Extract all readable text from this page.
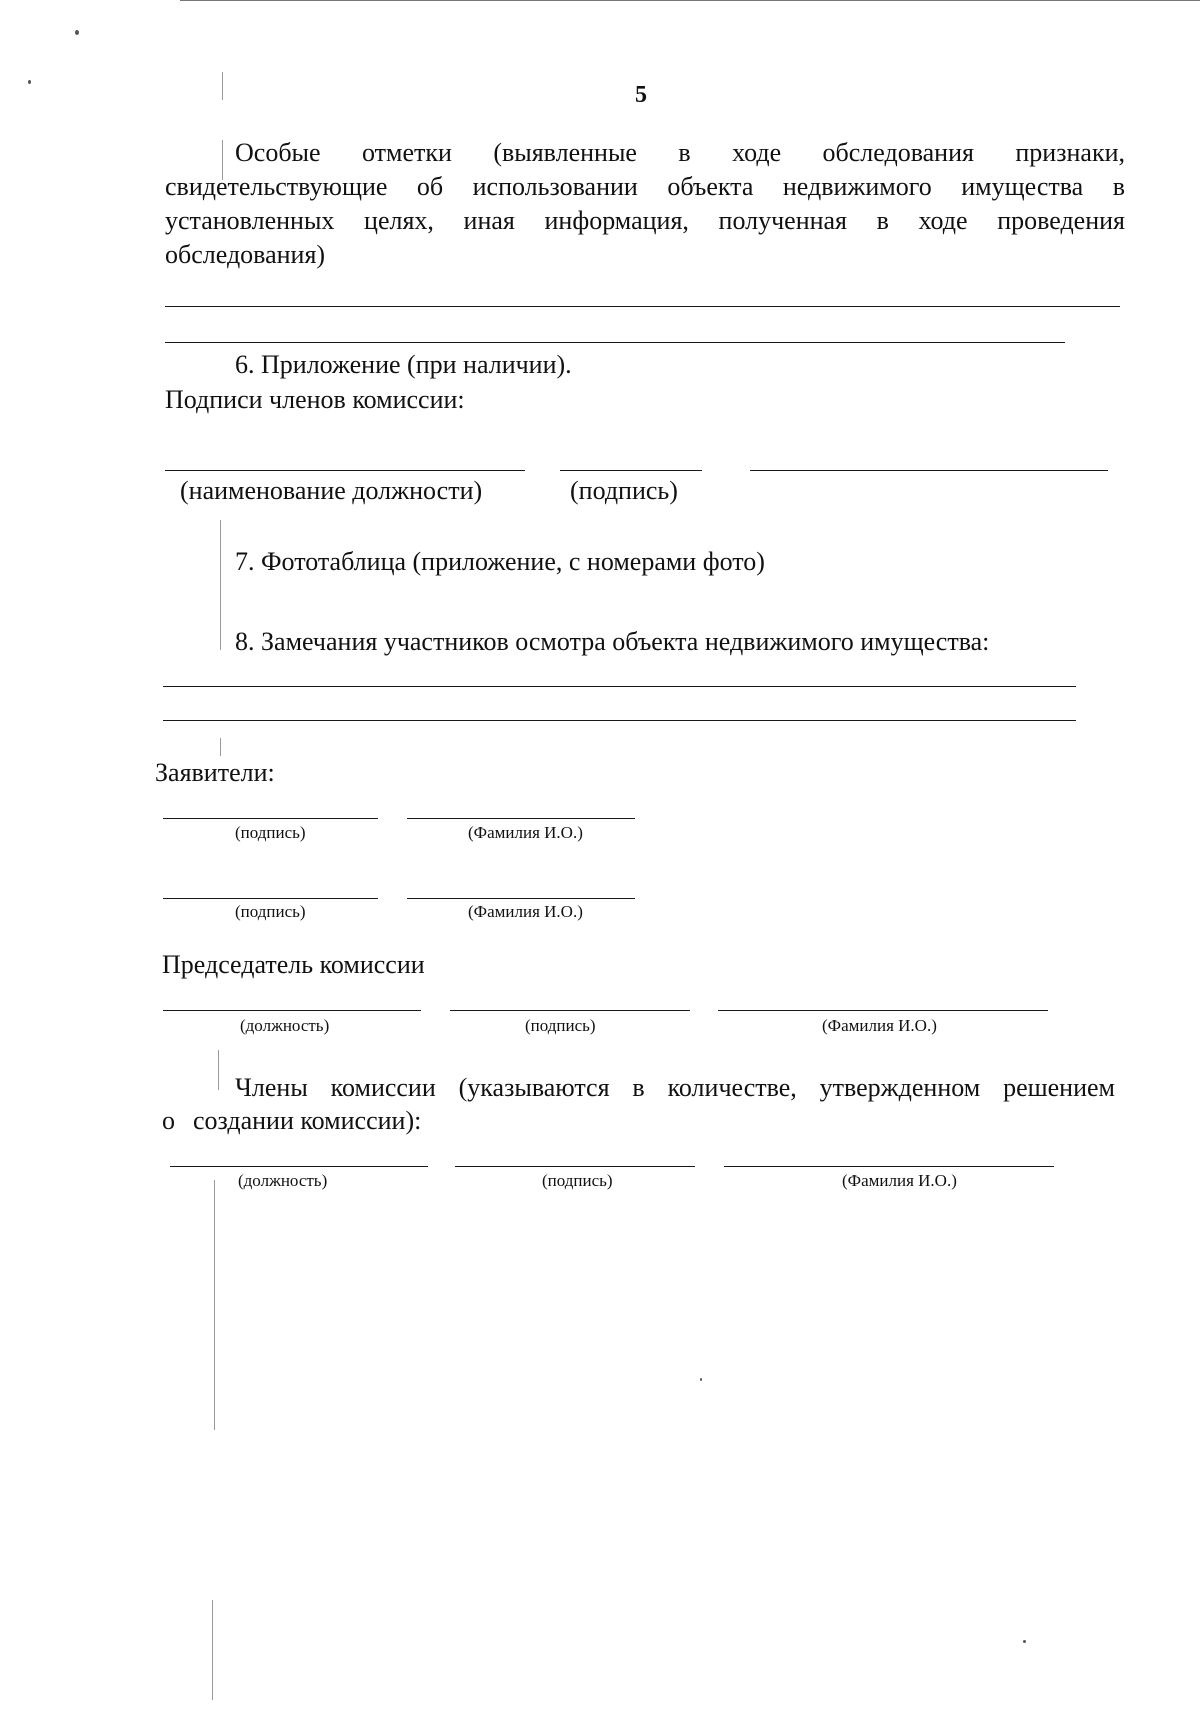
5
Особые отметки (выявленные в ходе обследования признаки, свидетельствующие об использовании объекта недвижимого имущества в установленных целях, иная информация, полученная в ходе проведения обследования)
6. Приложение (при наличии).
Подписи членов комиссии:
(наименование должности)	(подпись)
7. Фототаблица (приложение, с номерами фото)
8. Замечания участников осмотра объекта недвижимого имущества:
Заявители:
(подпись)	(Фамилия И.О.)
(подпись)	(Фамилия И.О.)
Председатель комиссии
(должность)	(подпись)	(Фамилия И.О.)
Члены комиссии (указываются в количестве, утвержденном решением
о создании комиссии):
(должность)	(подпись)	(Фамилия И.О.)
